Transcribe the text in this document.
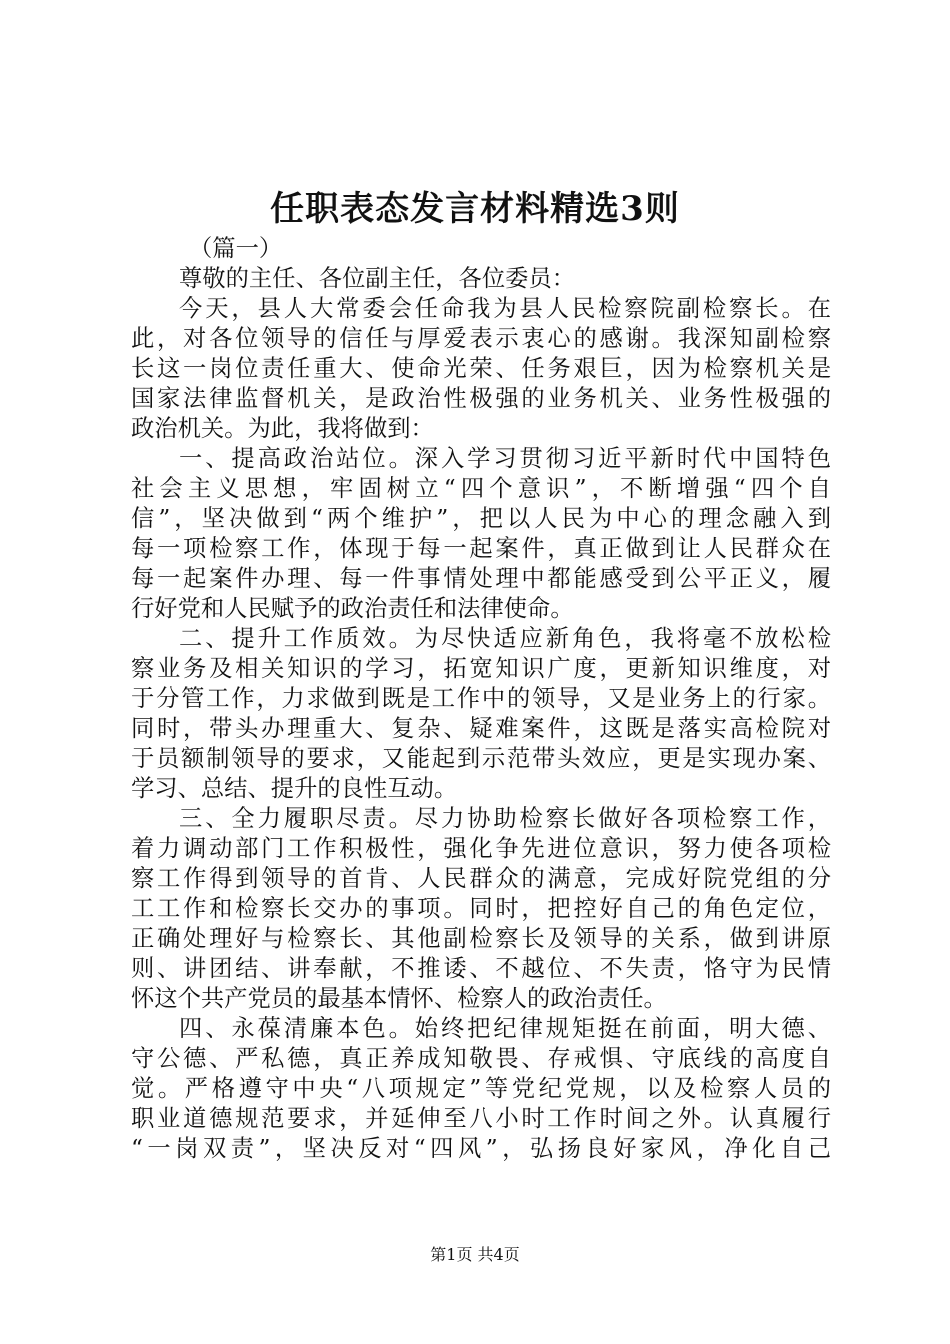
任职表态发言材料精选3则
（篇一）
尊敬的主任、各位副主任，各位委员：
今天，县人大常委会任命我为县人民检察院副检察长。在
此，对各位领导的信任与厚爱表示衷心的感谢。我深知副检察
长这一岗位责任重大、使命光荣、任务艰巨，因为检察机关是
国家法律监督机关，是政治性极强的业务机关、业务性极强的
政治机关。为此，我将做到：
一、提高政治站位。深入学习贯彻习近平新时代中国特色
社会主义思想，牢固树立“四个意识”，不断增强“四个自
信”，坚决做到“两个维护”，把以人民为中心的理念融入到
每一项检察工作，体现于每一起案件，真正做到让人民群众在
每一起案件办理、每一件事情处理中都能感受到公平正义，履
行好党和人民赋予的政治责任和法律使命。
二、提升工作质效。为尽快适应新角色，我将毫不放松检
察业务及相关知识的学习，拓宽知识广度，更新知识维度，对
于分管工作，力求做到既是工作中的领导，又是业务上的行家。
同时，带头办理重大、复杂、疑难案件，这既是落实高检院对
于员额制领导的要求，又能起到示范带头效应，更是实现办案、
学习、总结、提升的良性互动。
三、全力履职尽责。尽力协助检察长做好各项检察工作，
着力调动部门工作积极性，强化争先进位意识，努力使各项检
察工作得到领导的首肯、人民群众的满意，完成好院党组的分
工工作和检察长交办的事项。同时，把控好自己的角色定位，
正确处理好与检察长、其他副检察长及领导的关系，做到讲原
则、讲团结、讲奉献，不推诿、不越位、不失责，恪守为民情
怀这个共产党员的最基本情怀、检察人的政治责任。
四、永葆清廉本色。始终把纪律规矩挺在前面，明大德、
守公德、严私德，真正养成知敬畏、存戒惧、守底线的高度自
觉。严格遵守中央“八项规定”等党纪党规，以及检察人员的
职业道德规范要求，并延伸至八小时工作时间之外。认真履行
“一岗双责”，坚决反对“四风”，弘扬良好家风，净化自己
第1页 共4页
